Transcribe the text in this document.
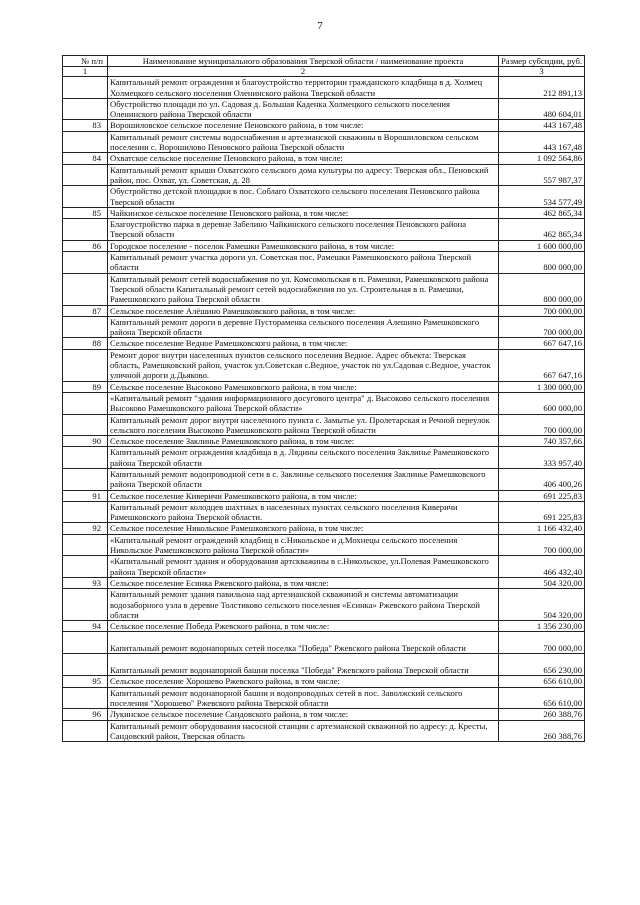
7
№ п/п	Наименование муниципального образования Тверской области / наименование проекта	Размер субсидии, руб.
1	2	3
	Капитальный ремонт ограждения и благоустройство территории гражданского кладбища в д. Холмец Холмецкого сельского поселения Оленинского района Тверской области	212 891,13
	Обустройство площади по ул. Садовая д. Большая Каденка Холмецкого сельского поселения Оленинского района Тверской области	480 604,01
83	Ворошиловское сельское поселение Пеновского района, в том числе:	443 167,48
	Капитальный ремонт системы водоснабжения и артезианской скважины в Ворошиловском сельском поселении с. Ворошилово Пеновского района Тверской области	443 167,48
84	Охватское сельское поселение Пеновского района, в том числе:	1 092 564,86
	Капитальный ремонт крыши Охватского сельского дома культуры по адресу: Тверская обл., Пеновский район, пос. Охват, ул. Советская, д. 28	557 987,37
	Обустройство детской площадки в пос. Соблаго Охватского сельского поселения Пеновского района Тверской области	534 577,49
85	Чайкинское сельское поселение Пеновского района, в том числе:	462 865,34
	Благоустройство парка в деревне Забелино Чайкинского сельского поселения Пеновского района Тверской области	462 865,34
86	Городское поселение - поселок Рамешки Рамешковского района, в том числе:	1 600 000,00
	Капитальный ремонт участка дороги ул. Советская пос. Рамешки Рамешковского района Тверской области	800 000,00
	Капитальный ремонт сетей водоснабжения по ул. Комсомольская в п. Рамешки, Рамешковского района Тверской области Капитальный ремонт сетей водоснабжения по ул. Строительная в п. Рамешки, Рамешковского района Тверской области	800 000,00
87	Сельское поселение Алёшино Рамешковского района, в том числе:	700 000,00
	Капитальный ремонт дороги в деревне Пустораменка сельского поселения Алешино Рамешковского района Тверской области	700 000,00
88	Сельское поселение Ведное Рамешковского района, в том числе:	667 647,16
	Ремонт дорог внутри населенных пунктов сельского поселения Ведное. Адрес объекта: Тверская область, Рамешковский район, участок ул.Советская с.Ведное, участок по ул.Садовая с.Ведное, участок уличной дороги д.Дьяково.	667 647,16
89	Сельское поселение Высоково Рамешковского района, в том числе:	1 300 000,00
	«Капитальный ремонт "здания информационного досугового центра" д. Высоково сельского поселения Высоково Рамешковского района Тверской области»	600 000,00
	Капитальный ремонт дорог внутри населенного пункта с. Замытье ул. Пролетарская и Речной переулок сельского поселения Высоково Рамешковского района Тверской области	700 000,00
90	Сельское поселение Заклинье Рамешковского района, в том числе:	740 357,66
	Капитальный ремонт ограждения кладбища в д. Лядины сельского поселения Заклинье Рамешковского района Тверской области	333 957,40
	Капитальный ремонт водопроводной сети в с. Заклинье сельского поселения Заклинье Рамешковского района Тверской области	406 400,26
91	Сельское поселение Киверичи Рамешковского района, в том числе:	691 225,83
	Капитальный ремонт колодцев шахтных в населенных пунктах сельского поселения Киверичи Рамешковского района Тверской области.	691 225,83
92	Сельское поселение Никольское Рамешковского района, в том числе:	1 166 432,40
	«Капитальный ремонт ограждений кладбищ в с.Никольское и д.Мохнецы сельского поселения Никольское Рамешковского района Тверской области»	700 000,00
	«Капитальный ремонт здания и оборудования артскважины в с.Никольское, ул.Полевая Рамешковского района Тверской области»	466 432,40
93	Сельское поселение Есинка Ржевского района, в том числе:	504 320,00
	Капитальный ремонт здания павильона над артезианской скважиной и системы автоматизации водозаборного узла в деревне Толстиково сельского поселения «Есинка» Ржевского района Тверской области	504 320,00
94	Сельское поселение Победа Ржевского района, в том числе:	1 356 230,00
	Капитальный ремонт водонапорных сетей поселка "Победа" Ржевского района Тверской области	700 000,00
	Капитальный ремонт водонапорной башни поселка "Победа" Ржевского района Тверской области	656 230,00
95	Сельское поселение Хорошево Ржевского района, в том числе:	656 610,00
	Капитальный ремонт водонапорной башни и водопроводных сетей в пос. Заволжский сельского поселения "Хорошево" Ржевского района Тверской области	656 610,00
96	Лукинское сельское поселение Сандовского района, в том числе:	260 388,76
	Капитальный ремонт оборудования насосной станции с артезианской скважиной по адресу: д. Кресты, Сандовский район, Тверская область	260 388,76
